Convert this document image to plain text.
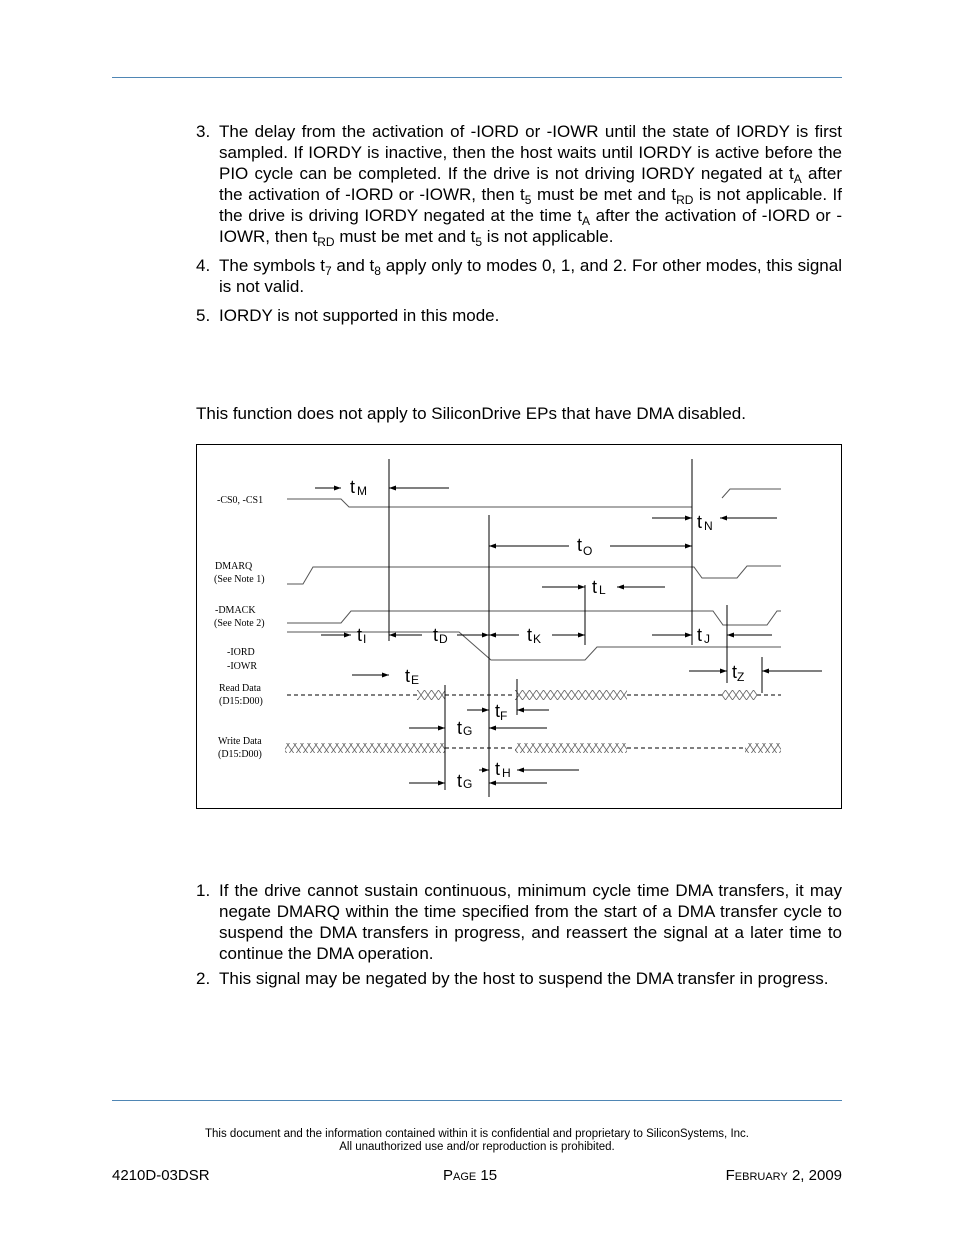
3. The delay from the activation of -IORD or -IOWR until the state of IORDY is first sampled. If IORDY is inactive, then the host waits until IORDY is active before the PIO cycle can be completed. If the drive is not driving IORDY negated at $t_A$ after the activation of -IORD or -IOWR, then $t_5$ must be met and $t_{RD}$ is not applicable. If the drive is driving IORDY negated at the time $t_A$ after the activation of -IORD or -IOWR, then $t_{RD}$ must be met and $t_5$ is not applicable.
4. The symbols $t_7$ and $t_8$ apply only to modes 0, 1, and 2. For other modes, this signal is not valid.
5. IORDY is not supported in this mode.
This function does not apply to SiliconDrive EPs that have DMA disabled.
-CS0, -CS1
DMARQ
(See Note 1)
-DMACK
(See Note 2)
-IORD
-IOWR
Read Data
(D15:D00)
Write Data
(D15:D00)
t M
t N
$t_O$
t L
tI	tD	tK	t J
tE	tZ
tF
tG
t H
tG
1. If the drive cannot sustain continuous, minimum cycle time DMA transfers, it may negate DMARQ within the time specified from the start of a DMA transfer cycle to suspend the DMA transfers in progress, and reassert the signal at a later time to continue the DMA operation.
2. This signal may be negated by the host to suspend the DMA transfer in progress.
This document and the information contained within it is confidential and proprietary to SiliconSystems, Inc.
All unauthorized use and/or reproduction is prohibited.
4210D-03DSR	Page 15	February 2, 2009
